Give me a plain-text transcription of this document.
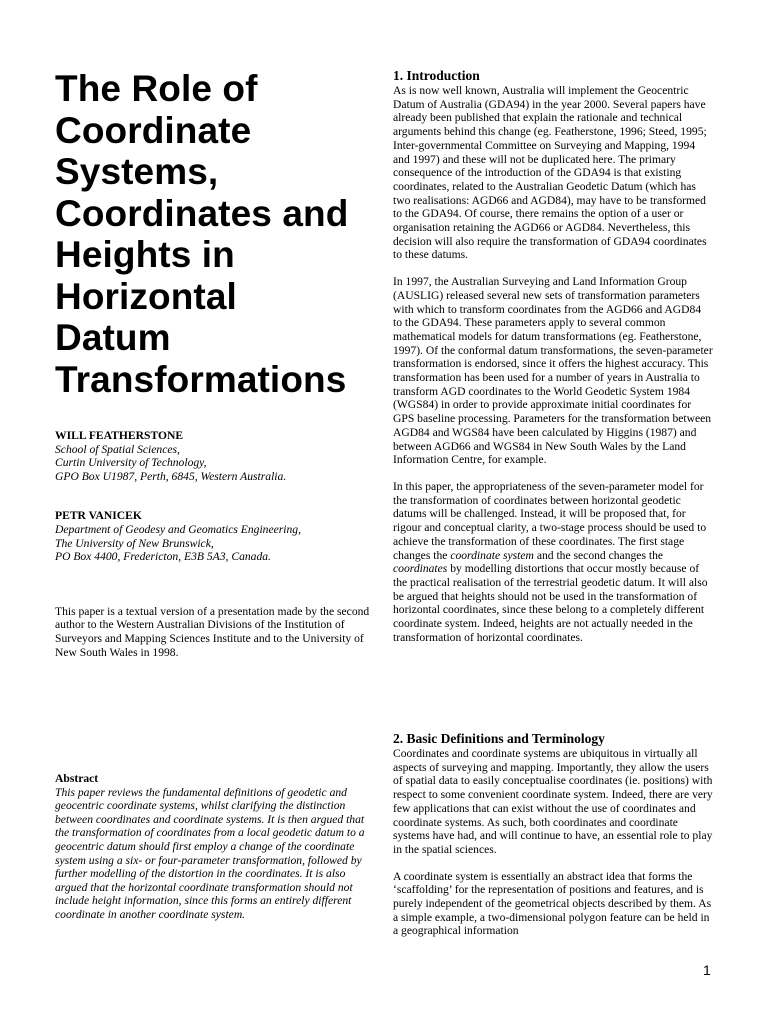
The Role of
Coordinate
Systems,
Coordinates and
Heights in
Horizontal
Datum
Transformations
WILL FEATHERSTONE
School of Spatial Sciences,
Curtin University of Technology,
GPO Box U1987, Perth, 6845, Western Australia.
PETR VANICEK
Department of Geodesy and Geomatics Engineering,
The University of New Brunswick,
PO Box 4400, Fredericton, E3B 5A3, Canada.

This paper is a textual version of a presentation made by the second author to the Western Australian Divisions of the Institution of Surveyors and Mapping Sciences Institute and to the University of New South Wales in 1998.

Abstract

This paper reviews the fundamental definitions of geodetic and geocentric coordinate systems, whilst clarifying the distinction between coordinates and coordinate systems. It is then argued that the transformation of coordinates from a local geodetic datum to a geocentric datum should first employ a change of the coordinate system using a six- or four-parameter transformation, followed by further modelling of the distortion in the coordinates. It is also argued that the horizontal coordinate transformation should not include height information, since this forms an entirely different coordinate in another coordinate system.

1. Introduction

As is now well known, Australia will implement the Geocentric Datum of Australia (GDA94) in the year 2000. Several papers have already been published that explain the rationale and technical arguments behind this change (eg. Featherstone, 1996; Steed, 1995; Inter-governmental Committee on Surveying and Mapping, 1994 and 1997) and these will not be duplicated here. The primary consequence of the introduction of the GDA94 is that existing coordinates, related to the Australian Geodetic Datum (which has two realisations: AGD66 and AGD84), may have to be transformed to the GDA94. Of course, there remains the option of a user or organisation retaining the AGD66 or AGD84. Nevertheless, this decision will also require the transformation of GDA94 coordinates to these datums.

In 1997, the Australian Surveying and Land Information Group (AUSLIG) released several new sets of transformation parameters with which to transform coordinates from the AGD66 and AGD84 to the GDA94. These parameters apply to several common mathematical models for datum transformations (eg. Featherstone, 1997). Of the conformal datum transformations, the seven-parameter transformation is endorsed, since it offers the highest accuracy. This transformation has been used for a number of years in Australia to transform AGD coordinates to the World Geodetic System 1984 (WGS84) in order to provide approximate initial coordinates for GPS baseline processing. Parameters for the transformation between AGD84 and WGS84 have been calculated by Higgins (1987) and between AGD66 and WGS84 in New South Wales by the Land Information Centre, for example.

In this paper, the appropriateness of the seven-parameter model for the transformation of coordinates between horizontal geodetic datums will be challenged. Instead, it will be proposed that, for rigour and conceptual clarity, a two-stage process should be used to achieve the transformation of these coordinates. The first stage changes the coordinate system and the second changes the coordinates by modelling distortions that occur mostly because of the practical realisation of the terrestrial geodetic datum. It will also be argued that heights should not be used in the transformation of horizontal coordinates, since these belong to a completely different coordinate system. Indeed, heights are not actually needed in the transformation of horizontal coordinates.

2. Basic Definitions and Terminology

Coordinates and coordinate systems are ubiquitous in virtually all aspects of surveying and mapping. Importantly, they allow the users of spatial data to easily conceptualise coordinates (ie. positions) with respect to some convenient coordinate system. Indeed, there are very few applications that can exist without the use of coordinates and coordinate systems. As such, both coordinates and coordinate systems have had, and will continue to have, an essential role to play in the spatial sciences.

A coordinate system is essentially an abstract idea that forms the ‘scaffolding’ for the representation of positions and features, and is purely independent of the geometrical objects described by them. As a simple example, a two-dimensional polygon feature can be held in a geographical information

1
